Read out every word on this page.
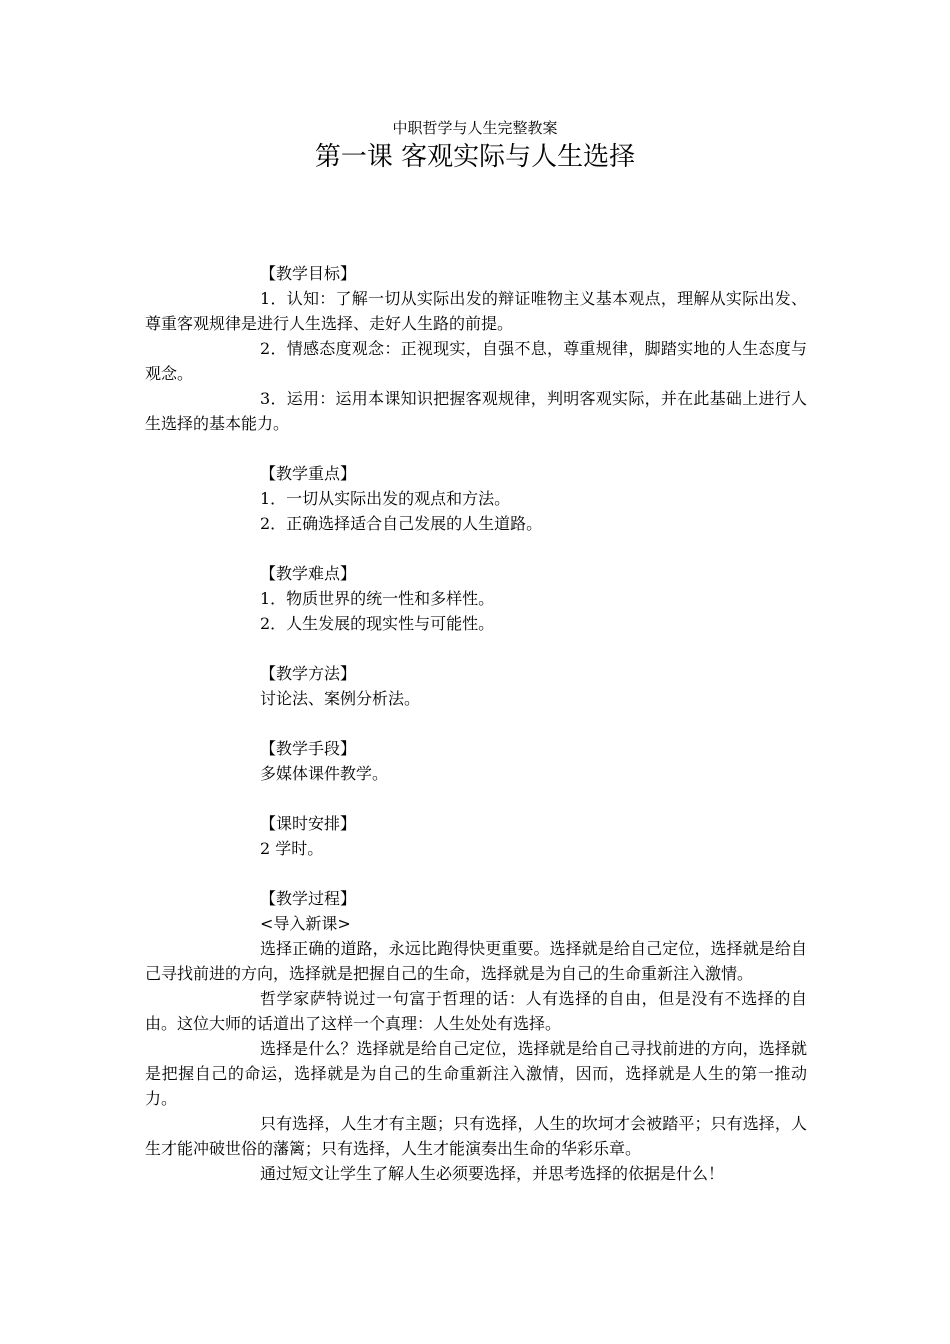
中职哲学与人生完整教案
第一课 客观实际与人生选择

【教学目标】

1．认知：了解一切从实际出发的辩证唯物主义基本观点，理解从实际出发、尊重客观规律是进行人生选择、走好人生路的前提。

2．情感态度观念：正视现实，自强不息，尊重规律，脚踏实地的人生态度与观念。

3．运用：运用本课知识把握客观规律，判明客观实际，并在此基础上进行人生选择的基本能力。

【教学重点】

1．一切从实际出发的观点和方法。

2．正确选择适合自己发展的人生道路。

【教学难点】

1．物质世界的统一性和多样性。

2．人生发展的现实性与可能性。

【教学方法】

讨论法、案例分析法。

【教学手段】

多媒体课件教学。

【课时安排】

2 学时。

【教学过程】

<导入新课>

选择正确的道路，永远比跑得快更重要。选择就是给自己定位，选择就是给自己寻找前进的方向，选择就是把握自己的生命，选择就是为自己的生命重新注入激情。

哲学家萨特说过一句富于哲理的话：人有选择的自由，但是没有不选择的自由。这位大师的话道出了这样一个真理：人生处处有选择。

选择是什么？选择就是给自己定位，选择就是给自己寻找前进的方向，选择就是把握自己的命运，选择就是为自己的生命重新注入激情，因而，选择就是人生的第一推动力。

只有选择，人生才有主题；只有选择，人生的坎坷才会被踏平；只有选择，人生才能冲破世俗的藩篱；只有选择，人生才能演奏出生命的华彩乐章。

通过短文让学生了解人生必须要选择，并思考选择的依据是什么！
